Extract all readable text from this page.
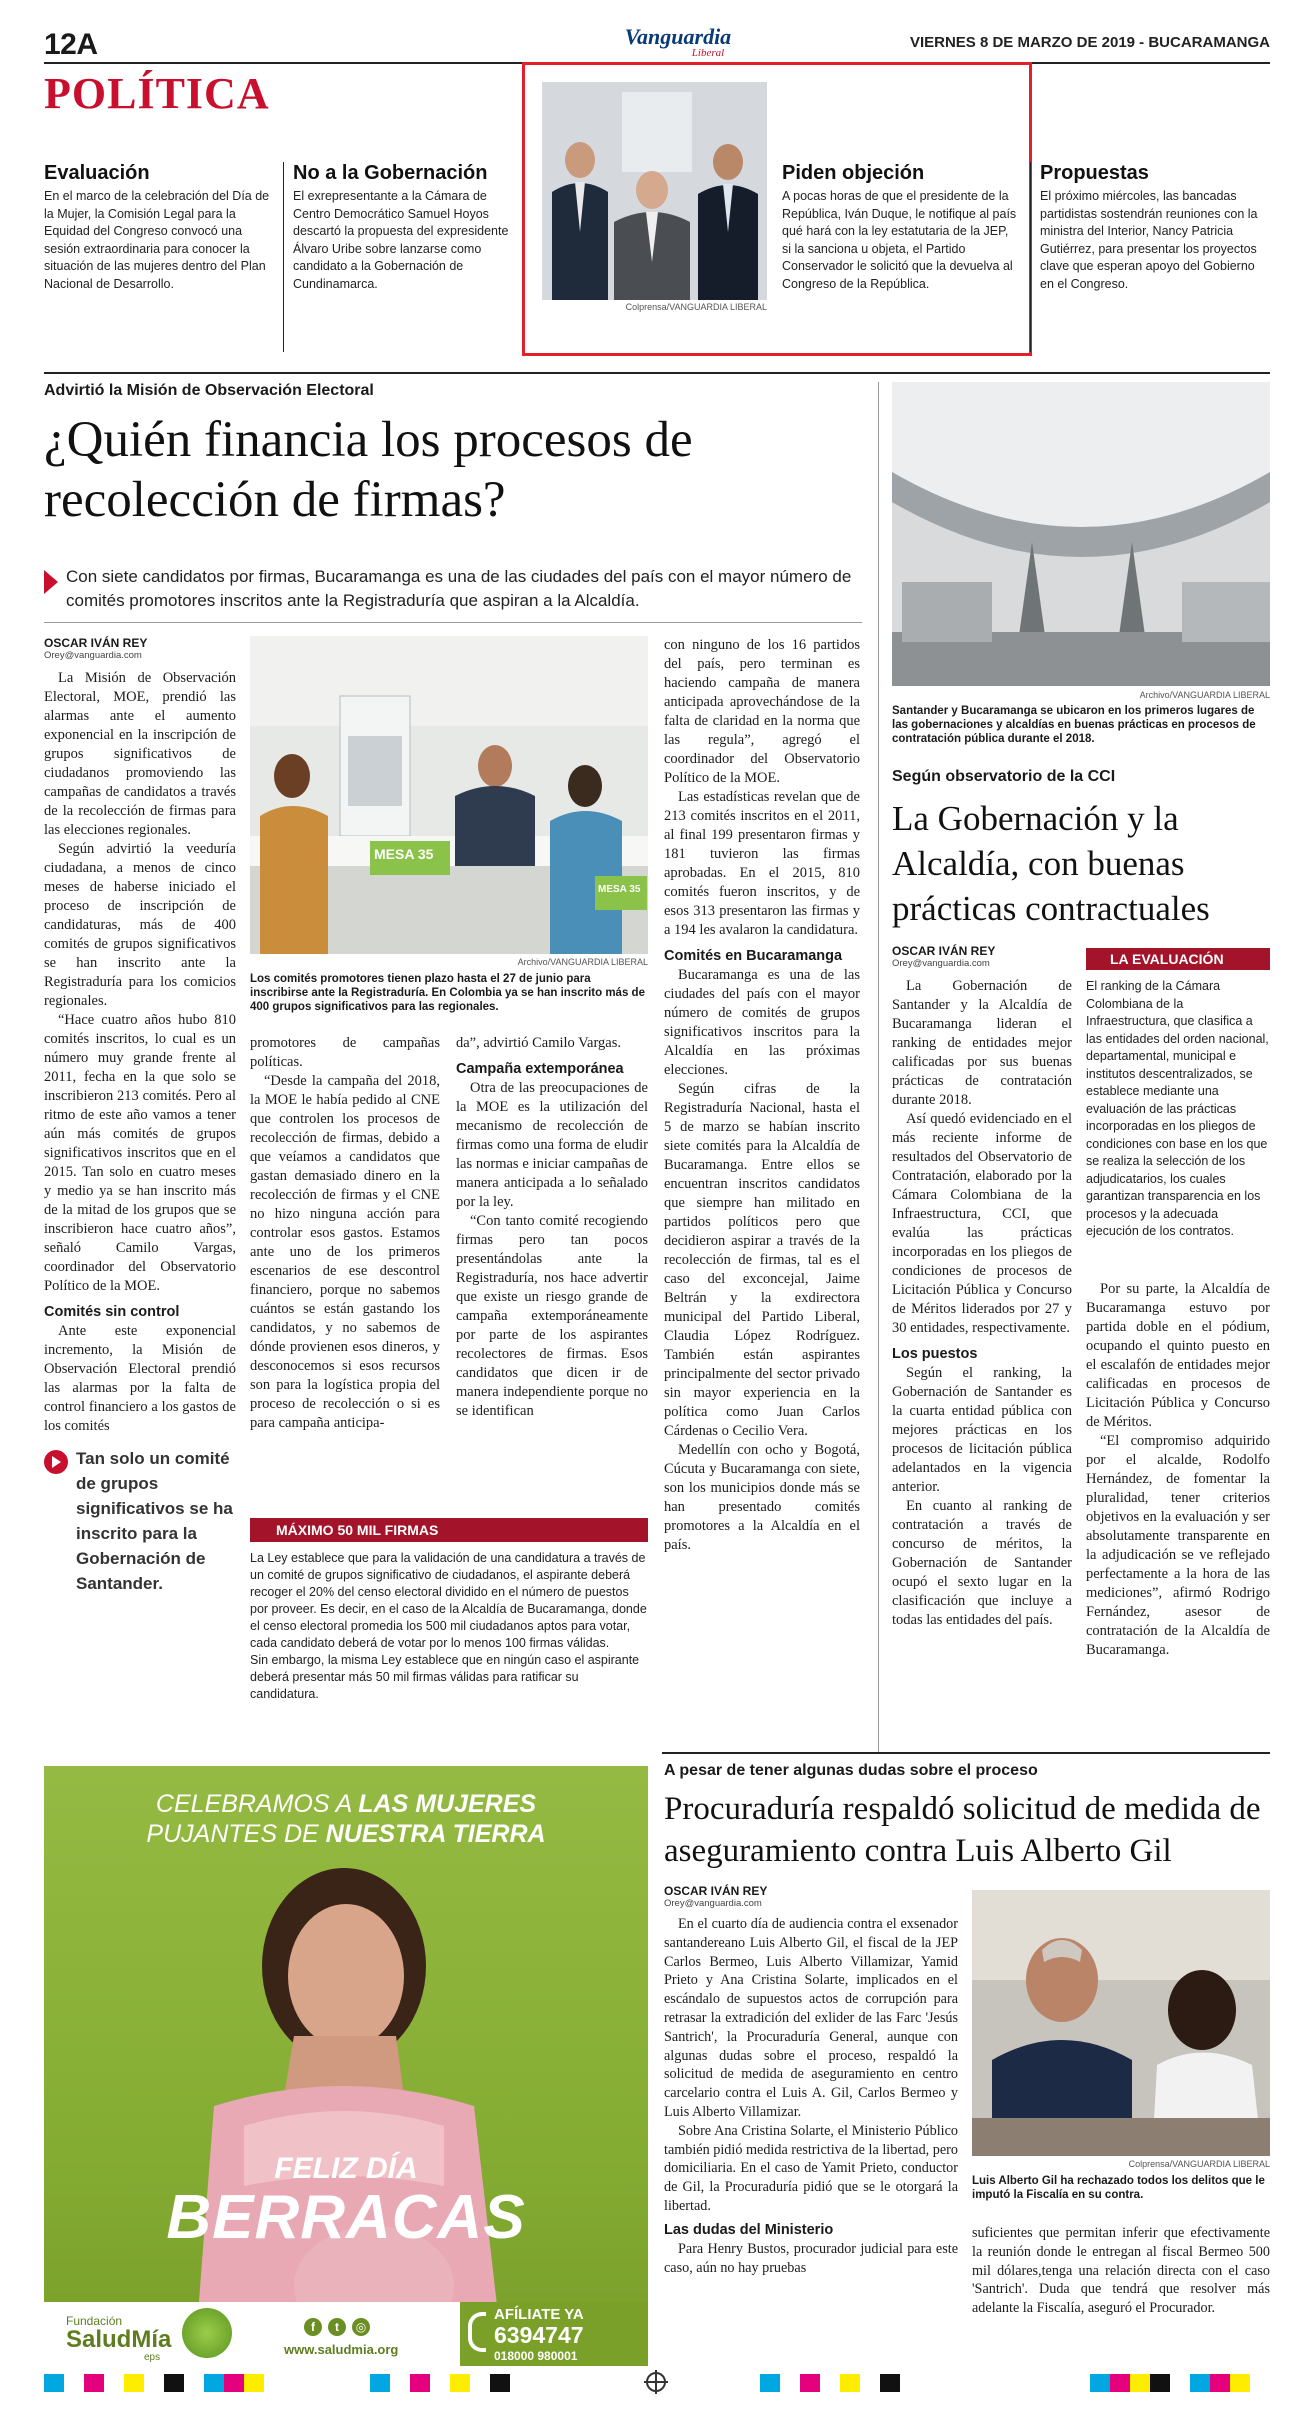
12A	Vanguardia
Liberal
VIERNES 8 DE MARZO DE 2019 - BUCARAMANGA
POLÍTICA
Evaluación
En el marco de la celebración del Día de la Mujer, la Comisión Legal para la Equidad del Congreso convocó una sesión extraordinaria para conocer la situación de las mujeres dentro del Plan Nacional de Desarrollo.
No a la Gobernación
El exrepresentante a la Cámara de Centro Democrático Samuel Hoyos descartó la propuesta del expresidente Álvaro Uribe sobre lanzarse como candidato a la Gobernación de Cundinamarca.
Colprensa/VANGUARDIA LIBERAL
Piden objeción
A pocas horas de que el presidente de la República, Iván Duque, le notifique al país qué hará con la ley estatutaria de la JEP, si la sanciona u objeta, el Partido Conservador le solicitó que la devuelva al Congreso de la República.
Propuestas
El próximo miércoles, las bancadas partidistas sostendrán reuniones con la ministra del Interior, Nancy Patricia Gutiérrez, para presentar los proyectos clave que esperan apoyo del Gobierno en el Congreso.
Advirtió la Misión de Observación Electoral
¿Quién financia los procesos de recolección de firmas?
Con siete candidatos por firmas, Bucaramanga es una de las ciudades del país con el mayor número de comités promotores inscritos ante la Registraduría que aspiran a la Alcaldía.
OSCAR IVÁN REY
Orey@vanguardia.com

La Misión de Observación Electoral, MOE, prendió las alarmas ante el aumento exponencial en la inscripción de grupos significativos de ciudadanos promoviendo las campañas de candidatos a través de la recolección de firmas para las elecciones regionales.

Según advirtió la veeduría ciudadana, a menos de cinco meses de haberse iniciado el proceso de inscripción de candidaturas, más de 400 comités de grupos significativos se han inscrito ante la Registraduría para los comicios regionales.

“Hace cuatro años hubo 810 comités inscritos, lo cual es un número muy grande frente al 2011, fecha en la que solo se inscribieron 213 comités. Pero al ritmo de este año vamos a tener aún más comités de grupos significativos inscritos que en el 2015. Tan solo en cuatro meses y medio ya se han inscrito más de la mitad de los grupos que se inscribieron hace cuatro años”, señaló Camilo Vargas, coordinador del Observatorio Político de la MOE.

Comités sin control

Ante este exponencial incremento, la Misión de Observación Electoral prendió las alarmas por la falta de control financiero a los gastos de los comités

Tan solo un comité de grupos significativos se ha inscrito para la Gobernación de Santander.
MESA 35
MESA 35
Archivo/VANGUARDIA LIBERAL
Los comités promotores tienen plazo hasta el 27 de junio para inscribirse ante la Registraduría. En Colombia ya se han inscrito más de 400 grupos significativos para las regionales.

promotores de campañas políticas.

“Desde la campaña del 2018, la MOE le había pedido al CNE que controlen los procesos de recolección de firmas, debido a que veíamos a candidatos que gastan demasiado dinero en la recolección de firmas y el CNE no hizo ninguna acción para controlar esos gastos. Estamos ante uno de los primeros escenarios de ese descontrol financiero, porque no sabemos cuántos se están gastando los candidatos, y no sabemos de dónde provienen esos dineros, y desconocemos si esos recursos son para la logística propia del proceso de recolección o si es para campaña anticipa-

da”, advirtió Camilo Vargas.

Campaña extemporánea

Otra de las preocupaciones de la MOE es la utilización del mecanismo de recolección de firmas como una forma de eludir las normas e iniciar campañas de manera anticipada a lo señalado por la ley.

“Con tanto comité recogiendo firmas pero tan pocos presentándolas ante la Registraduría, nos hace advertir que existe un riesgo grande de campaña extemporáneamente por parte de los aspirantes recolectores de firmas. Esos candidatos que dicen ir de manera independiente porque no se identifican

con ninguno de los 16 partidos del país, pero terminan es haciendo campaña de manera anticipada aprovechándose de la falta de claridad en la norma que las regula”, agregó el coordinador del Observatorio Político de la MOE.

Las estadísticas revelan que de 213 comités inscritos en el 2011, al final 199 presentaron firmas y 181 tuvieron las firmas aprobadas. En el 2015, 810 comités fueron inscritos, y de esos 313 presentaron las firmas y a 194 les avalaron la candidatura.

Comités en Bucaramanga

Bucaramanga es una de las ciudades del país con el mayor número de comités de grupos significativos inscritos para la Alcaldía en las próximas elecciones.

Según cifras de la Registraduría Nacional, hasta el 5 de marzo se habían inscrito siete comités para la Alcaldía de Bucaramanga. Entre ellos se encuentran inscritos candidatos que siempre han militado en partidos políticos pero que decidieron aspirar a través de la recolección de firmas, tal es el caso del exconcejal, Jaime Beltrán y la exdirectora municipal del Partido Liberal, Claudia López Rodríguez. También están aspirantes principalmente del sector privado sin mayor experiencia en la política como Juan Carlos Cárdenas o Cecilio Vera.

Medellín con ocho y Bogotá, Cúcuta y Bucaramanga con siete, son los municipios donde más se han presentado comités promotores a la Alcaldía en el país.

MÁXIMO 50 MIL FIRMAS
La Ley establece que para la validación de una candidatura a través de un comité de grupos significativo de ciudadanos, el aspirante deberá recoger el 20% del censo electoral dividido en el número de puestos por proveer. Es decir, en el caso de la Alcaldía de Bucaramanga, donde el censo electoral promedia los 500 mil ciudadanos aptos para votar, cada candidato deberá de votar por lo menos 100 firmas válidas.
Sin embargo, la misma Ley establece que en ningún caso el aspirante deberá presentar más 50 mil firmas válidas para ratificar su candidatura.
Archivo/VANGUARDIA LIBERAL
Santander y Bucaramanga se ubicaron en los primeros lugares de las gobernaciones y alcaldías en buenas prácticas en procesos de contratación pública durante el 2018.
Según observatorio de la CCI
La Gobernación y la Alcaldía, con buenas prácticas contractuales
OSCAR IVÁN REY
Orey@vanguardia.com

La Gobernación de Santander y la Alcaldía de Bucaramanga lideran el ranking de entidades mejor calificadas por sus buenas prácticas de contratación durante 2018.

Así quedó evidenciado en el más reciente informe de resultados del Observatorio de Contratación, elaborado por la Cámara Colombiana de la Infraestructura, CCI, que evalúa las prácticas incorporadas en los pliegos de condiciones de procesos de Licitación Pública y Concurso de Méritos liderados por 27 y 30 entidades, respectivamente.

Los puestos

Según el ranking, la Gobernación de Santander es la cuarta entidad pública con mejores prácticas en los procesos de licitación pública adelantados en la vigencia anterior.

En cuanto al ranking de contratación a través de concurso de méritos, la Gobernación de Santander ocupó el sexto lugar en la clasificación que incluye a todas las entidades del país.

LA EVALUACIÓN
El ranking de la Cámara Colombiana de la Infraestructura, que clasifica a las entidades del orden nacional, departamental, municipal e institutos descentralizados, se establece mediante una evaluación de las prácticas incorporadas en los pliegos de condiciones con base en los que se realiza la selección de los adjudicatarios, los cuales garantizan transparencia en los procesos y la adecuada ejecución de los contratos.

Por su parte, la Alcaldía de Bucaramanga estuvo por partida doble en el pódium, ocupando el quinto puesto en el escalafón de entidades mejor calificadas en procesos de Licitación Pública y Concurso de Méritos.

“El compromiso adquirido por el alcalde, Rodolfo Hernández, de fomentar la pluralidad, tener criterios objetivos en la evaluación y ser absolutamente transparente en la adjudicación se ve reflejado perfectamente a la hora de las mediciones”, afirmó Rodrigo Fernández, asesor de contratación de la Alcaldía de Bucaramanga.

CELEBRAMOS A LAS MUJERES
PUJANTES DE NUESTRA TIERRA
FELIZ DÍA
BERRACAS
Fundación
SaludMía
eps
f	t	◎
www.saludmia.org
AFÍLIATE YA
6394747
018000 980001
A pesar de tener algunas dudas sobre el proceso
Procuraduría respaldó solicitud de medida de aseguramiento contra Luis Alberto Gil
OSCAR IVÁN REY
Orey@vanguardia.com

En el cuarto día de audiencia contra el exsenador santandereano Luis Alberto Gil, el fiscal de la JEP Carlos Bermeo, Luis Alberto Villamizar, Yamid Prieto y Ana Cristina Solarte, implicados en el escándalo de supuestos actos de corrupción para retrasar la extradición del exlider de las Farc 'Jesús Santrich', la Procuraduría General, aunque con algunas dudas sobre el proceso, respaldó la solicitud de medida de aseguramiento en centro carcelario contra el Luis A. Gil, Carlos Bermeo y Luis Alberto Villamizar.

Sobre Ana Cristina Solarte, el Ministerio Público también pidió medida restrictiva de la libertad, pero domiciliaria. En el caso de Yamit Prieto, conductor de Gil, la Procuraduría pidió que se le otorgará la libertad.

Las dudas del Ministerio

Para Henry Bustos, procurador judicial para este caso, aún no hay pruebas

Colprensa/VANGUARDIA LIBERAL
Luis Alberto Gil ha rechazado todos los delitos que le imputó la Fiscalía en su contra.

suficientes que permitan inferir que efectivamente la reunión donde le entregan al fiscal Bermeo 500 mil dólares,tenga una relación directa con el caso 'Santrich'. Duda que tendrá que resolver más adelante la Fiscalía, aseguró el Procurador.
